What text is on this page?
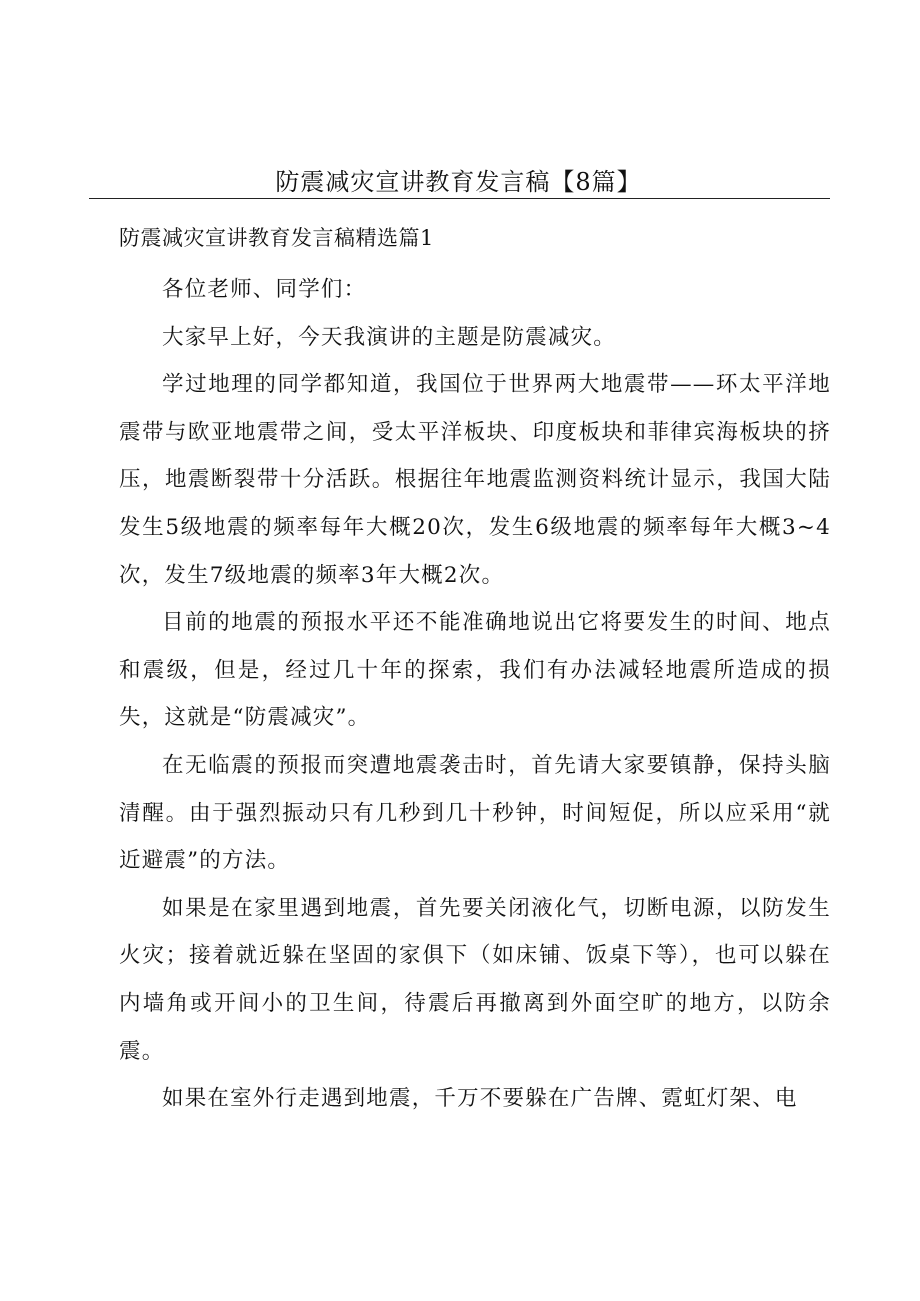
防震减灾宣讲教育发言稿【8篇】
防震减灾宣讲教育发言稿精选篇1

各位老师、同学们：

大家早上好，今天我演讲的主题是防震减灾。

学过地理的同学都知道，我国位于世界两大地震带——环太平洋地震带与欧亚地震带之间，受太平洋板块、印度板块和菲律宾海板块的挤压，地震断裂带十分活跃。根据往年地震监测资料统计显示，我国大陆发生5级地震的频率每年大概20次，发生6级地震的频率每年大概3~4次，发生7级地震的频率3年大概2次。

目前的地震的预报水平还不能准确地说出它将要发生的时间、地点和震级，但是，经过几十年的探索，我们有办法减轻地震所造成的损失，这就是“防震减灾”。

在无临震的预报而突遭地震袭击时，首先请大家要镇静，保持头脑清醒。由于强烈振动只有几秒到几十秒钟，时间短促，所以应采用“就近避震”的方法。

如果是在家里遇到地震，首先要关闭液化气，切断电源，以防发生火灾；接着就近躲在坚固的家俱下（如床铺、饭桌下等），也可以躲在内墙角或开间小的卫生间，待震后再撤离到外面空旷的地方，以防余震。

如果在室外行走遇到地震，千万不要躲在广告牌、霓虹灯架、电
